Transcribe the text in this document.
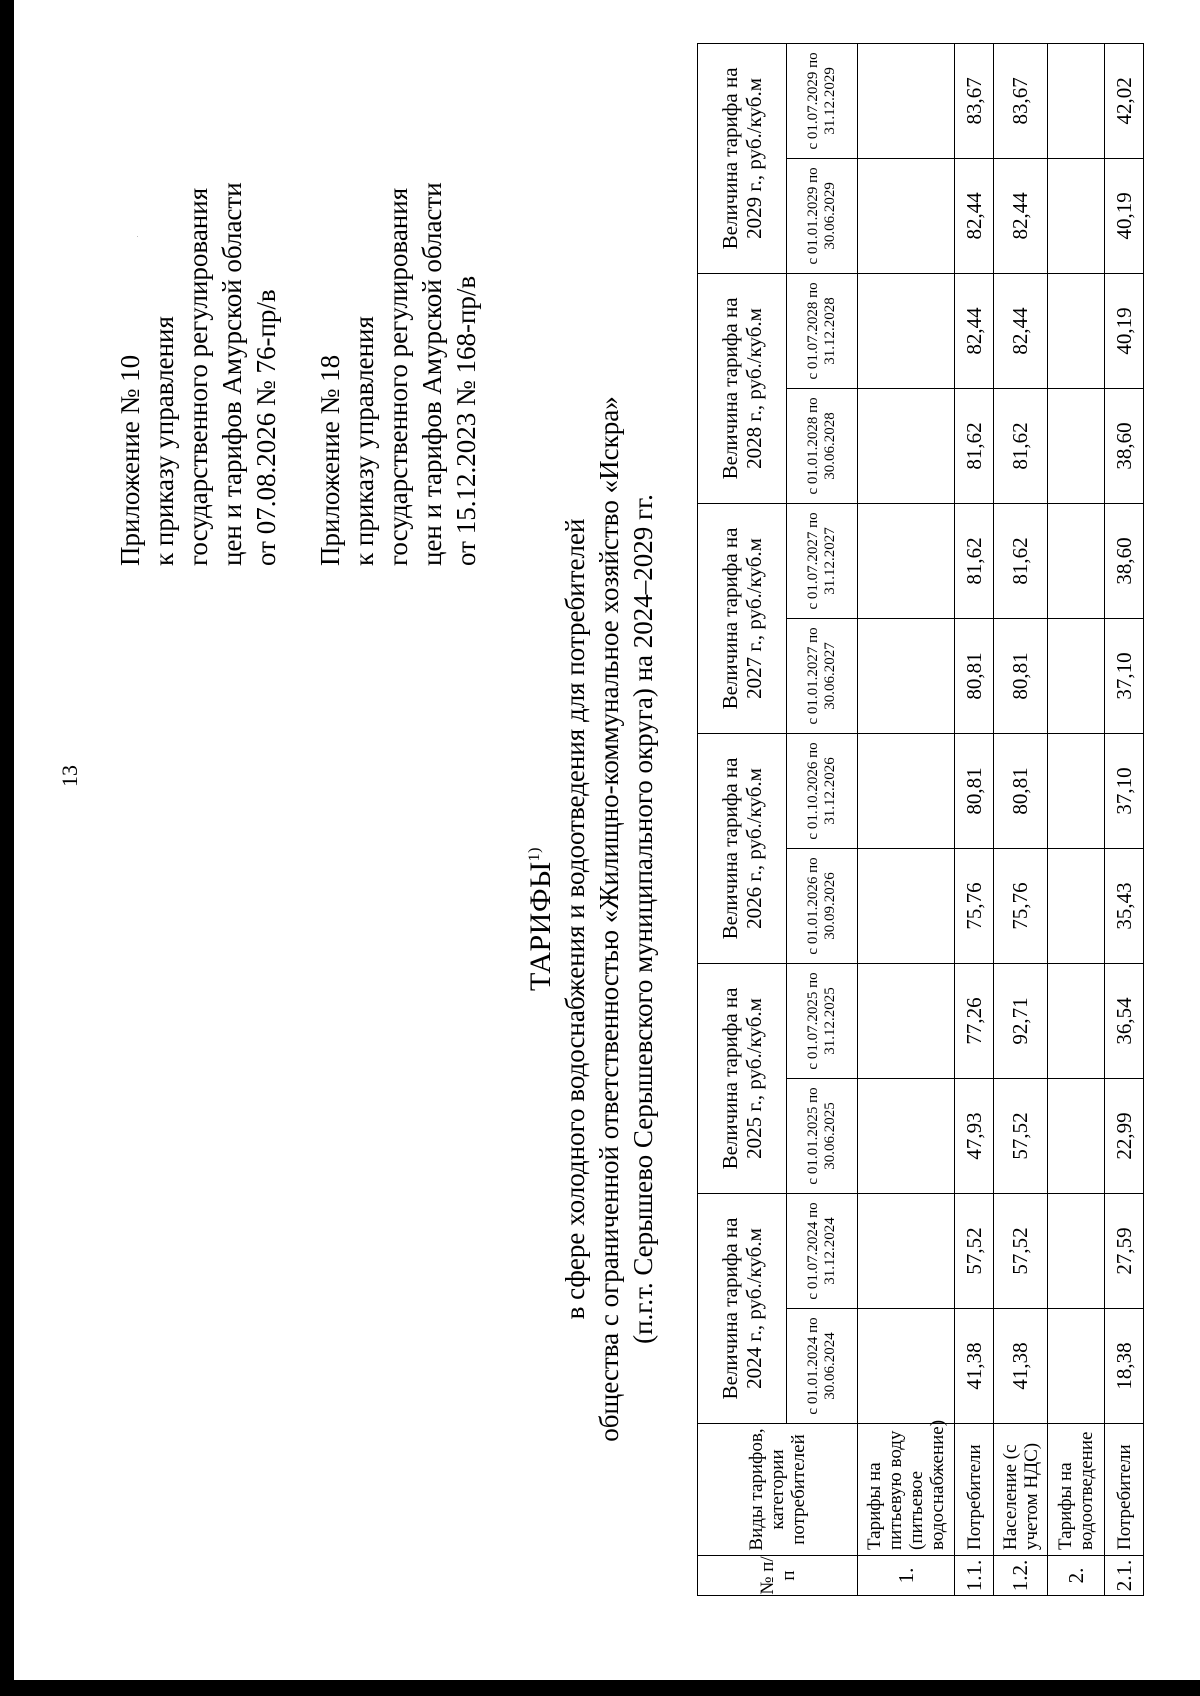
13
Приложение № 10 к приказу управления государственного регулирования цен и тарифов Амурской области от 07.08.2026 № 76-пр/в Приложение № 18 к приказу управления государственного регулирования цен и тарифов Амурской области от 15.12.2023 № 168-пр/в
ТАРИФЫ$^{1)}$ в сфере холодного водоснабжения и водоотведения для потребителей общества с ограниченной ответственностью «Жилищно-коммунальное хозяйство «Искра» (п.г.т. Серышево Серышевского муниципального округа) на 2024–2029 гг.
№ п/п	Виды тарифов, категории потребителей	Величина тарифа на 2024 г., руб./куб.м		Величина тарифа на 2025 г., руб./куб.м		Величина тарифа на 2026 г., руб./куб.м		Величина тарифа на 2027 г., руб./куб.м		Величина тарифа на 2028 г., руб./куб.м		Величина тарифа на 2029 г., руб./куб.м	
		с 01.01.2024 по 30.06.2024	с 01.07.2024 по 31.12.2024	с 01.01.2025 по 30.06.2025	с 01.07.2025 по 31.12.2025	с 01.01.2026 по 30.09.2026	с 01.10.2026 по 31.12.2026	с 01.01.2027 по 30.06.2027	с 01.07.2027 по 31.12.2027	с 01.01.2028 по 30.06.2028	с 01.07.2028 по 31.12.2028	с 01.01.2029 по 30.06.2029	с 01.07.2029 по 31.12.2029
1.	Тарифы на питьевую воду (питьевое водоснабжение)												
1.1.	Потребители	41,38	57,52	47,93	77,26	75,76	80,81	80,81	81,62	81,62	82,44	82,44	83,67
1.2.	Население (с учетом НДС)	41,38	57,52	57,52	92,71	75,76	80,81	80,81	81,62	81,62	82,44	82,44	83,67
2.	Тарифы на водоотведение												
2.1.	Потребители	18,38	27,59	22,99	36,54	35,43	37,10	37,10	38,60	38,60	40,19	40,19	42,02
